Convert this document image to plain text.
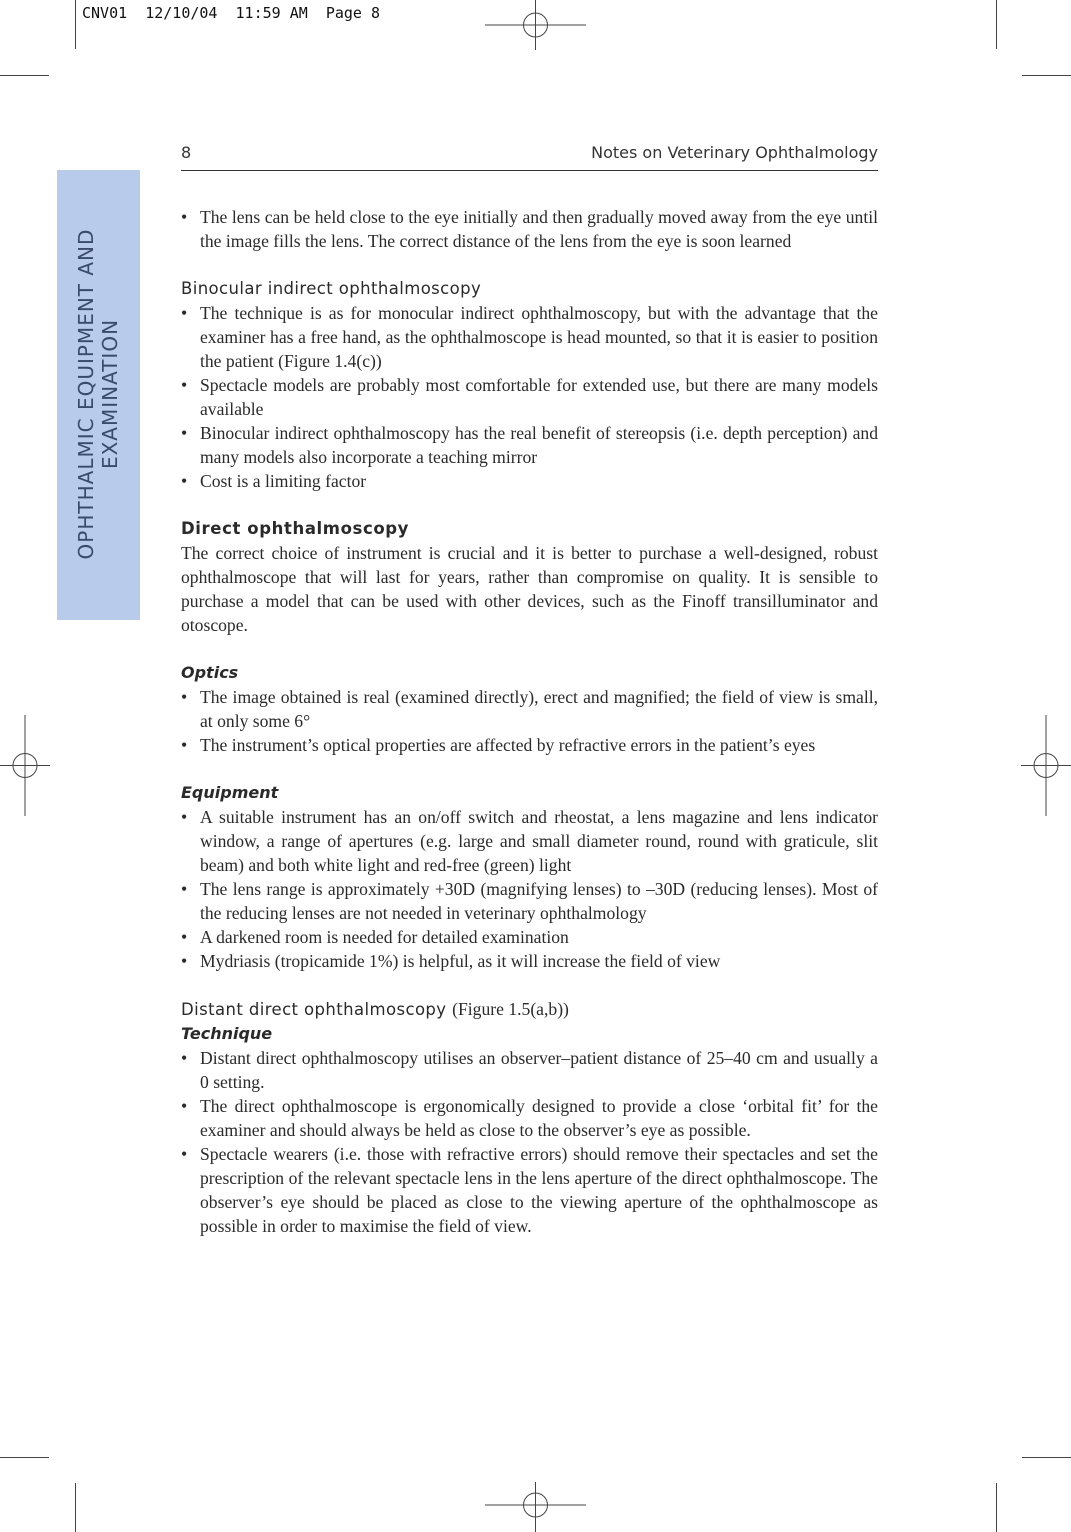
CNV01  12/10/04  11:59 AM  Page 8
OPHTHALMIC EQUIPMENT AND EXAMINATION
8	Notes on Veterinary Ophthalmology
• The lens can be held close to the eye initially and then gradually moved away from the eye until the image fills the lens. The correct distance of the lens from the eye is soon learned
Binocular indirect ophthalmoscopy
• The technique is as for monocular indirect ophthalmoscopy, but with the advantage that the examiner has a free hand, as the ophthalmoscope is head mounted, so that it is easier to position the patient (Figure 1.4(c))
• Spectacle models are probably most comfortable for extended use, but there are many models available
• Binocular indirect ophthalmoscopy has the real benefit of stereopsis (i.e. depth perception) and many models also incorporate a teaching mirror
• Cost is a limiting factor
Direct ophthalmoscopy

The correct choice of instrument is crucial and it is better to purchase a well-designed, robust ophthalmoscope that will last for years, rather than compromise on quality. It is sensible to purchase a model that can be used with other devices, such as the Finoff transilluminator and otoscope.

Optics
• The image obtained is real (examined directly), erect and magnified; the field of view is small, at only some 6°
• The instrument’s optical properties are affected by refractive errors in the patient’s eyes
Equipment
• A suitable instrument has an on/off switch and rheostat, a lens magazine and lens indicator window, a range of apertures (e.g. large and small diameter round, round with graticule, slit beam) and both white light and red-free (green) light
• The lens range is approximately +30D (magnifying lenses) to –30D (reducing lenses). Most of the reducing lenses are not needed in veterinary ophthalmology
• A darkened room is needed for detailed examination
• Mydriasis (tropicamide 1%) is helpful, as it will increase the field of view
Distant direct ophthalmoscopy (Figure 1.5(a,b))
Technique
• Distant direct ophthalmoscopy utilises an observer–patient distance of 25–40 cm and usually a 0 setting.
• The direct ophthalmoscope is ergonomically designed to provide a close ‘orbital fit’ for the examiner and should always be held as close to the observer’s eye as possible.
• Spectacle wearers (i.e. those with refractive errors) should remove their spectacles and set the prescription of the relevant spectacle lens in the lens aperture of the direct ophthalmoscope. The observer’s eye should be placed as close to the viewing aperture of the ophthalmoscope as possible in order to maximise the field of view.
